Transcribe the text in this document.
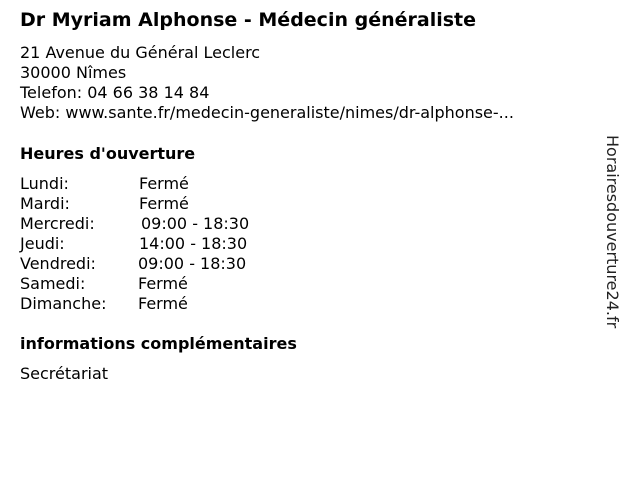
Dr Myriam Alphonse - Médecin généraliste
21 Avenue du Général Leclerc
30000 Nîmes
Telefon: 04 66 38 14 84
Web: www.sante.fr/medecin-generaliste/nimes/dr-alphonse-...
Heures d'ouverture
Lundi:	Fermé
Mardi:	Fermé
Mercredi:	09:00 - 18:30
Jeudi:	14:00 - 18:30
Vendredi:	09:00 - 18:30
Samedi:	Fermé
Dimanche: Fermé
informations complémentaires
Secrétariat
Horairesdouverture24.fr
